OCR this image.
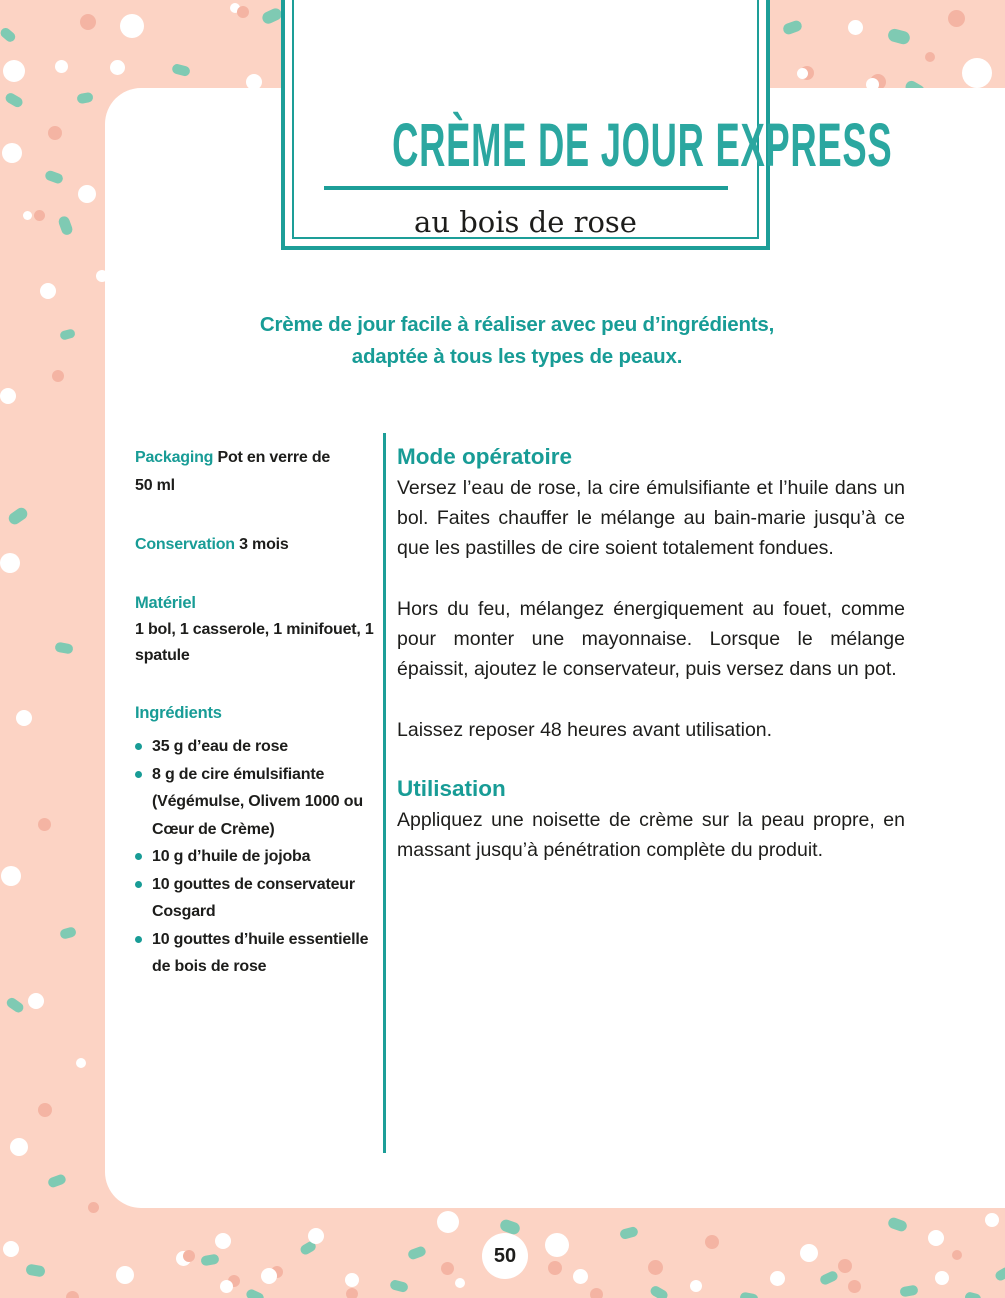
CRÈME DE JOUR EXPRESS
au bois de rose

Crème de jour facile à réaliser avec peu d’ingrédients,
adaptée à tous les types de peaux.

Packaging Pot en verre de 50 ml

Conservation 3 mois

Matériel

1 bol, 1 casserole, 1 minifouet, 1 spatule

Ingrédients
35 g d’eau de rose
8 g de cire émulsifiante (Végémulse, Olivem 1000 ou Cœur de Crème)
10 g d’huile de jojoba
10 gouttes de conservateur Cosgard
10 gouttes d’huile essentielle de bois de rose
Mode opératoire

Versez l’eau de rose, la cire émulsifiante et l’huile dans un bol. Faites chauffer le mélange au bain-marie jusqu’à ce que les pastilles de cire soient totalement fondues.

Hors du feu, mélangez énergiquement au fouet, comme pour monter une mayonnaise. Lorsque le mélange épaissit, ajoutez le conservateur, puis versez dans un pot.

Laissez reposer 48 heures avant utilisation.

Utilisation

Appliquez une noisette de crème sur la peau propre, en massant jusqu’à pénétration complète du produit.

50
